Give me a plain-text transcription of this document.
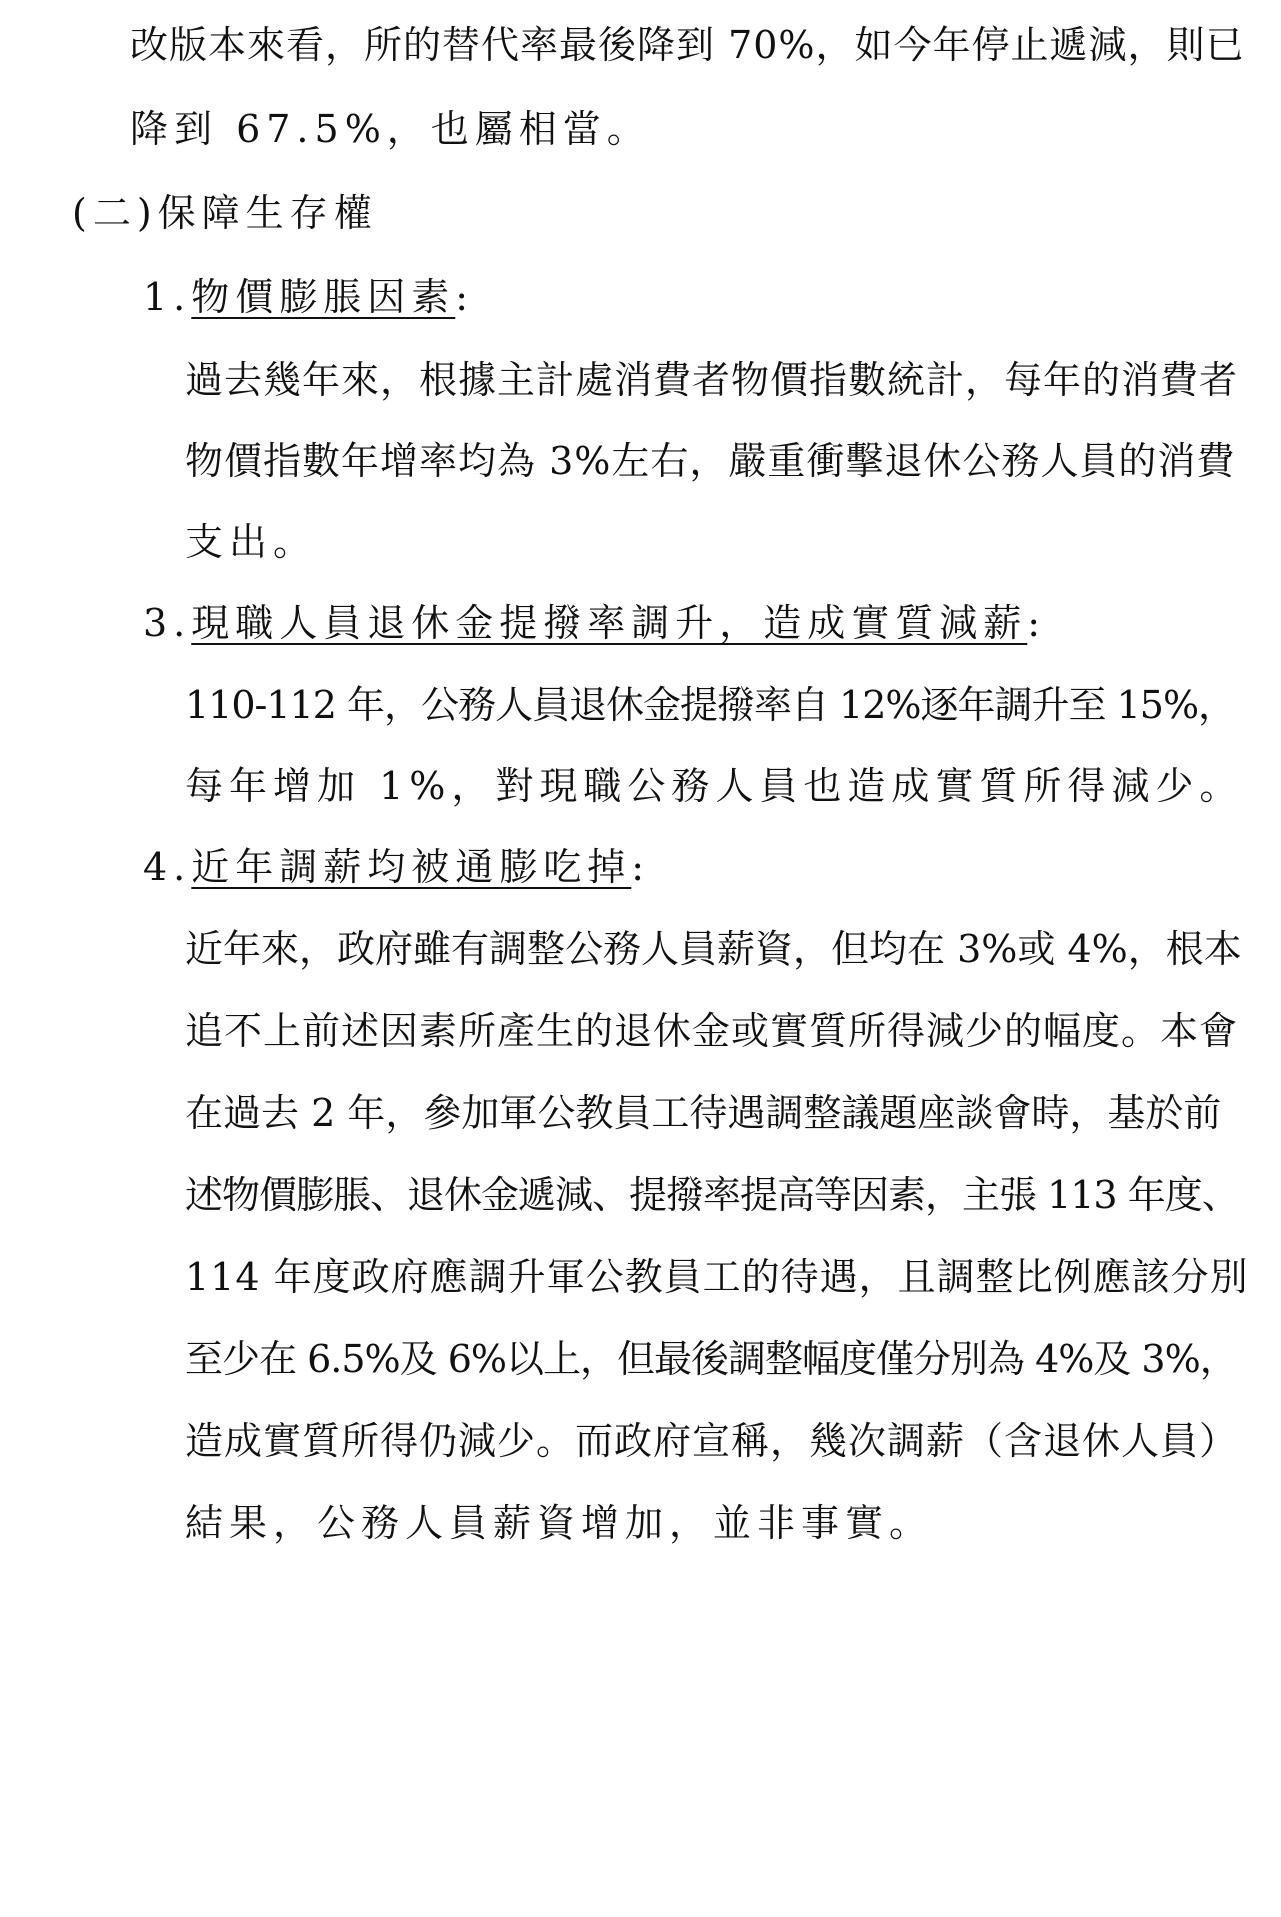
改版本來看，所的替代率最後降到 70%，如今年停止遞減，則已
降到 67.5%，也屬相當。
(二)保障生存權
1.物價膨脹因素:
過去幾年來，根據主計處消費者物價指數統計，每年的消費者
物價指數年增率均為 3%左右，嚴重衝擊退休公務人員的消費
支出。
3.現職人員退休金提撥率調升，造成實質減薪:
110-112 年，公務人員退休金提撥率自 12%逐年調升至 15%，
每年增加 1%，對現職公務人員也造成實質所得減少。
4.近年調薪均被通膨吃掉:
近年來，政府雖有調整公務人員薪資，但均在 3%或 4%，根本
追不上前述因素所產生的退休金或實質所得減少的幅度。本會
在過去 2 年，參加軍公教員工待遇調整議題座談會時，基於前
述物價膨脹、退休金遞減、提撥率提高等因素，主張 113 年度、
114 年度政府應調升軍公教員工的待遇，且調整比例應該分別
至少在 6.5%及 6%以上，但最後調整幅度僅分別為 4%及 3%，
造成實質所得仍減少。而政府宣稱，幾次調薪（含退休人員）
結果，公務人員薪資增加，並非事實。
